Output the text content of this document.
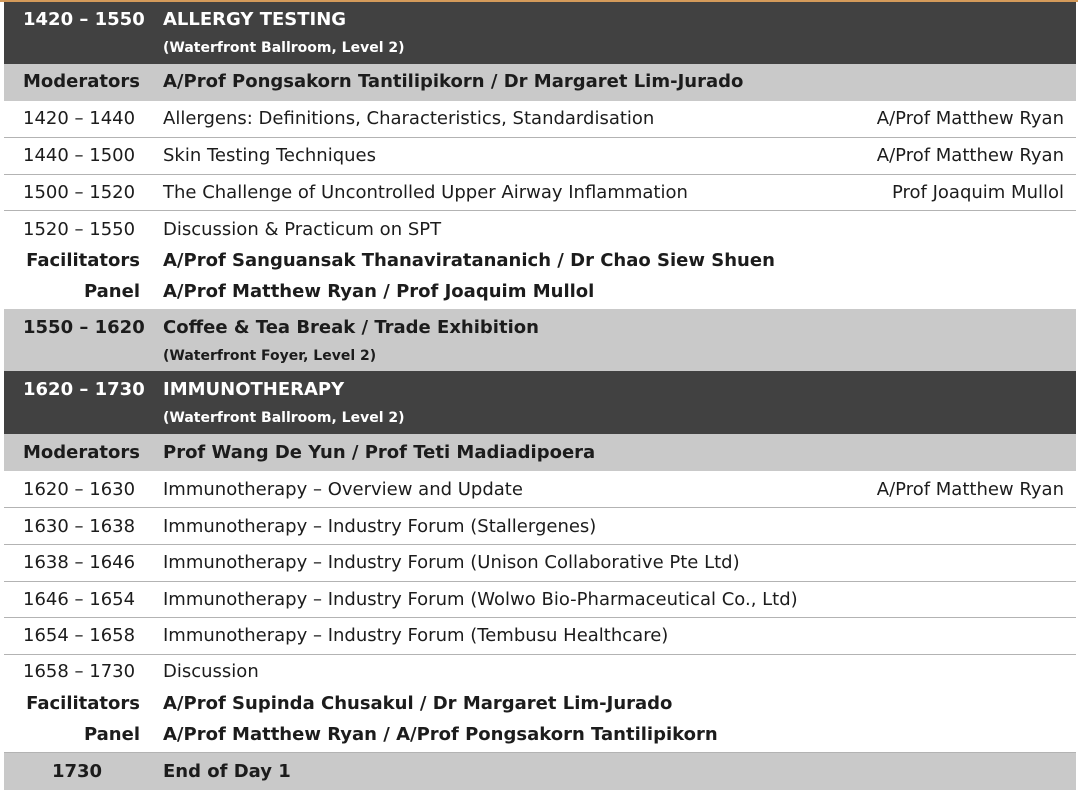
1420 – 1550 ALLERGY TESTING
(Waterfront Ballroom, Level 2)
Moderators A/Prof Pongsakorn Tantilipikorn / Dr Margaret Lim-Jurado
1420 – 1440 Allergens: Definitions, Characteristics, Standardisation	A/Prof Matthew Ryan
1440 – 1500 Skin Testing Techniques	A/Prof Matthew Ryan
1500 – 1520 The Challenge of Uncontrolled Upper Airway Inflammation	Prof Joaquim Mullol
1520 – 1550 Discussion & Practicum on SPT
Facilitators A/Prof Sanguansak Thanaviratananich / Dr Chao Siew Shuen
Panel A/Prof Matthew Ryan / Prof Joaquim Mullol
1550 – 1620 Coffee & Tea Break / Trade Exhibition
(Waterfront Foyer, Level 2)
1620 – 1730 IMMUNOTHERAPY
(Waterfront Ballroom, Level 2)
Moderators Prof Wang De Yun / Prof Teti Madiadipoera
1620 – 1630 Immunotherapy – Overview and Update	A/Prof Matthew Ryan
1630 – 1638 Immunotherapy – Industry Forum (Stallergenes)
1638 – 1646 Immunotherapy – Industry Forum (Unison Collaborative Pte Ltd)
1646 – 1654 Immunotherapy – Industry Forum (Wolwo Bio-Pharmaceutical Co., Ltd)
1654 – 1658 Immunotherapy – Industry Forum (Tembusu Healthcare)
1658 – 1730 Discussion
Facilitators A/Prof Supinda Chusakul / Dr Margaret Lim-Jurado
Panel A/Prof Matthew Ryan / A/Prof Pongsakorn Tantilipikorn
1730	End of Day 1
